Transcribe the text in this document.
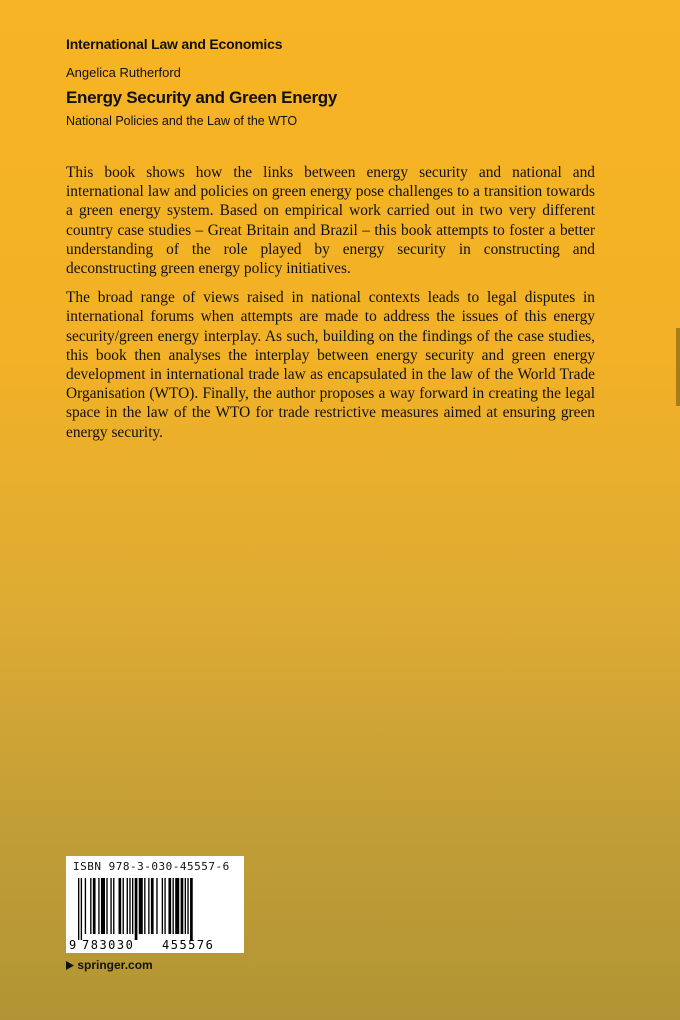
International Law and Economics
Angelica Rutherford
Energy Security and Green Energy
National Policies and the Law of the WTO

This book shows how the links between energy security and national and international law and policies on green energy pose challenges to a transition towards a green energy system. Based on empirical work carried out in two very different country case studies – Great Britain and Brazil – this book attempts to foster a better understanding of the role played by energy security in constructing and deconstructing green energy policy initiatives.

The broad range of views raised in national contexts leads to legal disputes in international forums when attempts are made to address the issues of this energy security/green energy interplay. As such, building on the findings of the case studies, this book then analyses the interplay between energy security and green energy development in international trade law as encapsulated in the law of the World Trade Organisation (WTO). Finally, the author proposes a way forward in creating the legal space in the law of the WTO for trade restrictive measures aimed at ensuring green energy security.

ISBN 978-3-030-45557-6
9 783030 455576
springer.com
